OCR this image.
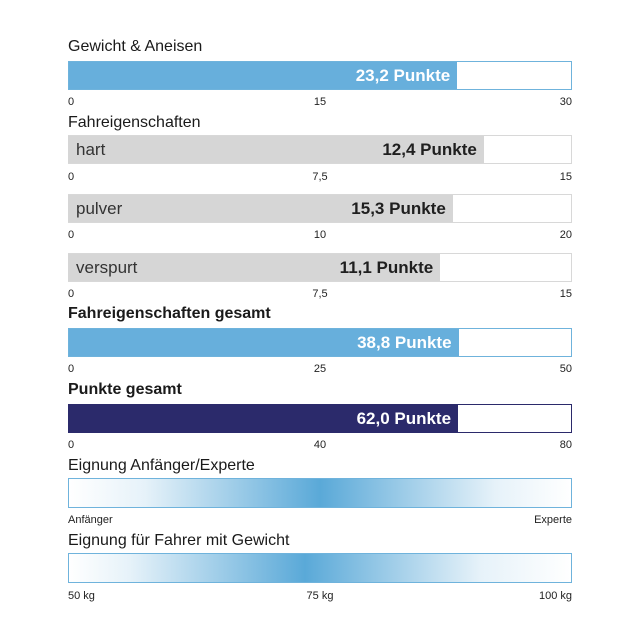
Gewicht & Aneisen
23,2 Punkte
0	15	30
Fahreigenschaften
hart	12,4 Punkte
0	7,5	15
pulver	15,3 Punkte
0	10	20
verspurt	11,1 Punkte
0	7,5	15
Fahreigenschaften gesamt
38,8 Punkte
0	25	50
Punkte gesamt
62,0 Punkte
0	40	80
Eignung Anfänger/Experte
Anfänger	Experte
Eignung für Fahrer mit Gewicht
50 kg	75 kg	100 kg
